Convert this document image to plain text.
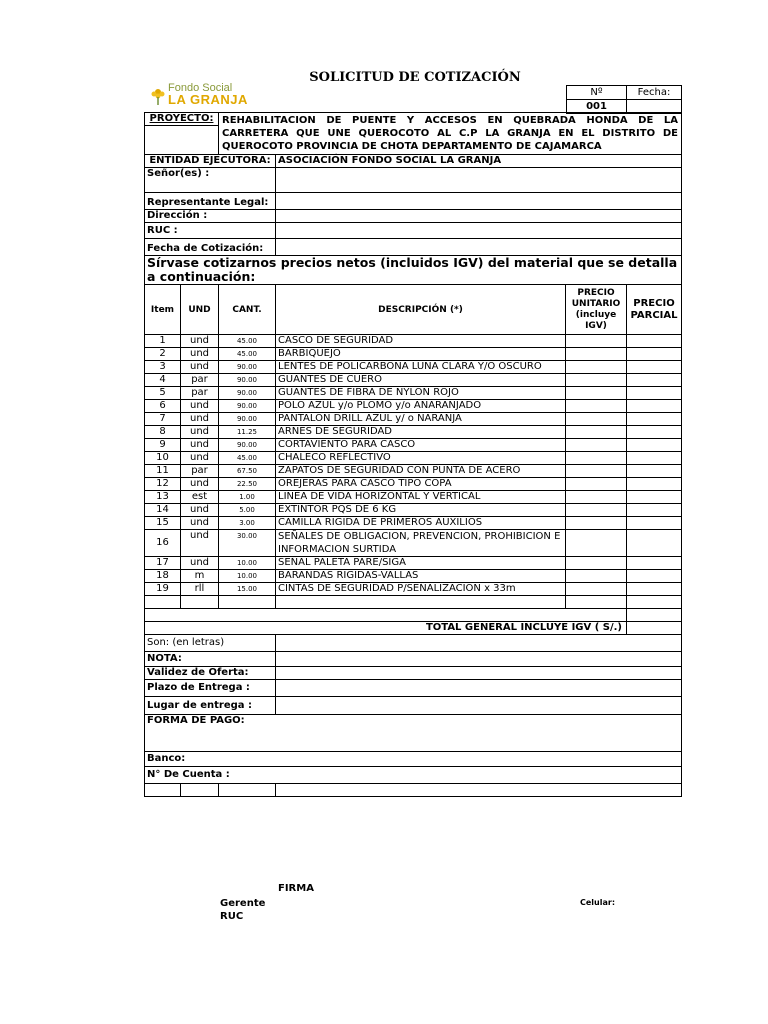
SOLICITUD DE COTIZACIÓN
Fondo Social
LA GRANJA	Nº	Fecha:
001	
PROYECTO:		REHABILITACION DE PUENTE Y ACCESOS EN QUEBRADA HONDA DE LA CARRETERA QUE UNE QUEROCOTO AL C.P LA GRANJA EN EL DISTRITO DE QUEROCOTO PROVINCIA DE CHOTA DEPARTAMENTO DE CAJAMARCA			

ENTIDAD EJECUTORA:			ASOCIACIÓN FONDO SOCIAL LA GRANJA		
Señor(es) :					
Representante Legal:					
Dirección :					
RUC :					
Fecha de Cotización:					
Sírvase cotizarnos precios netos (incluidos IGV) del material que se detalla a continuación:					
Item	UND	CANT.	DESCRIPCIÓN (*)	PRECIO UNITARIO (incluye IGV)	PRECIO PARCIAL
1	und	45.00	CASCO DE SEGURIDAD		
2	und	45.00	BARBIQUEJO		
3	und	90.00	LENTES DE POLICARBONA LUNA CLARA Y/O OSCURO		
4	par	90.00	GUANTES DE CUERO		
5	par	90.00	GUANTES DE FIBRA DE NYLON ROJO		
6	und	90.00	POLO AZUL y/o PLOMO y/o ANARANJADO		
7	und	90.00	PANTALON DRILL AZUL y/ o NARANJA		
8	und	11.25	ARNES DE SEGURIDAD		
9	und	90.00	CORTAVIENTO PARA CASCO		
10	und	45.00	CHALECO REFLECTIVO		
11	par	67.50	ZAPATOS DE SEGURIDAD CON PUNTA DE ACERO		
12	und	22.50	OREJERAS PARA CASCO TIPO COPA		
13	est	1.00	LINEA DE VIDA HORIZONTAL Y VERTICAL		
14	und	5.00	EXTINTOR PQS DE 6 KG		
15	und	3.00	CAMILLA RIGIDA DE PRIMEROS AUXILIOS		
16	und	30.00	SEÑALES DE OBLIGACION, PREVENCION, PROHIBICION E INFORMACION SURTIDA		
17	und	10.00	SEÑAL PALETA PARE/SIGA		
18	m	10.00	BARANDAS RIGIDAS-VALLAS		
19	rll	15.00	CINTAS DE SEGURIDAD P/SEÑALIZACION x 33m		

TOTAL GENERAL INCLUYE IGV ( S/.)					
Son: (en letras)					
NOTA:					
Validez de Oferta:					
Plazo de Entrega :					
Lugar de entrega :					
FORMA DE PAGO:					
Banco:					
N° De Cuenta :					

FIRMA
Gerente
RUC
Celular:
